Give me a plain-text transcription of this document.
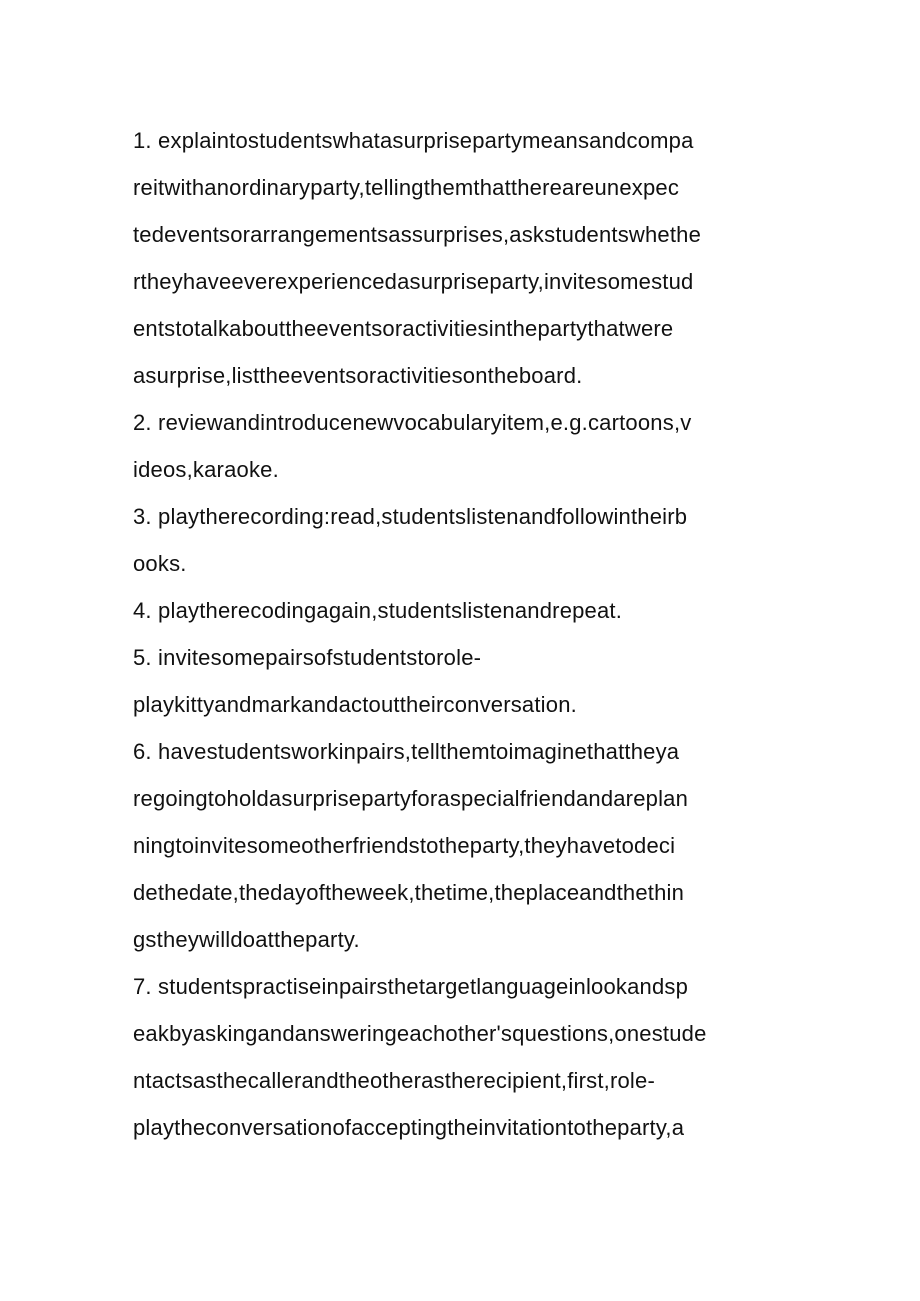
1. explaintostudentswhatasurprisepartymeansandcompa
reitwithanordinaryparty,tellingthemthatthereareunexpec
tedeventsorarrangementsassurprises,askstudentswhethe
rtheyhaveeverexperiencedasurpriseparty,invitesomestud
entstotalkabouttheeventsoractivitiesinthepartythatwere
asurprise,listtheeventsoractivitiesontheboard.
2. reviewandintroducenewvocabularyitem,e.g.cartoons,v
ideos,karaoke.
3. playtherecording:read,studentslistenandfollowintheirb
ooks.
4. playtherecodingagain,studentslistenandrepeat.
5. invitesomepairsofstudentstorole-
playkittyandmarkandactouttheirconversation.
6. havestudentsworkinpairs,tellthemtoimaginethattheya
regoingtoholdasurprisepartyforaspecialfriendandareplan
ningtoinvitesomeotherfriendstotheparty,theyhavetodeci
dethedate,thedayoftheweek,thetime,theplaceandthethin
gstheywilldoattheparty.
7. studentspractiseinpairsthetargetlanguageinlookandsp
eakbyaskingandansweringeachother'squestions,onestude
ntactsasthecallerandtheotherastherecipient,first,role-
playtheconversationofacceptingtheinvitationtotheparty,a
